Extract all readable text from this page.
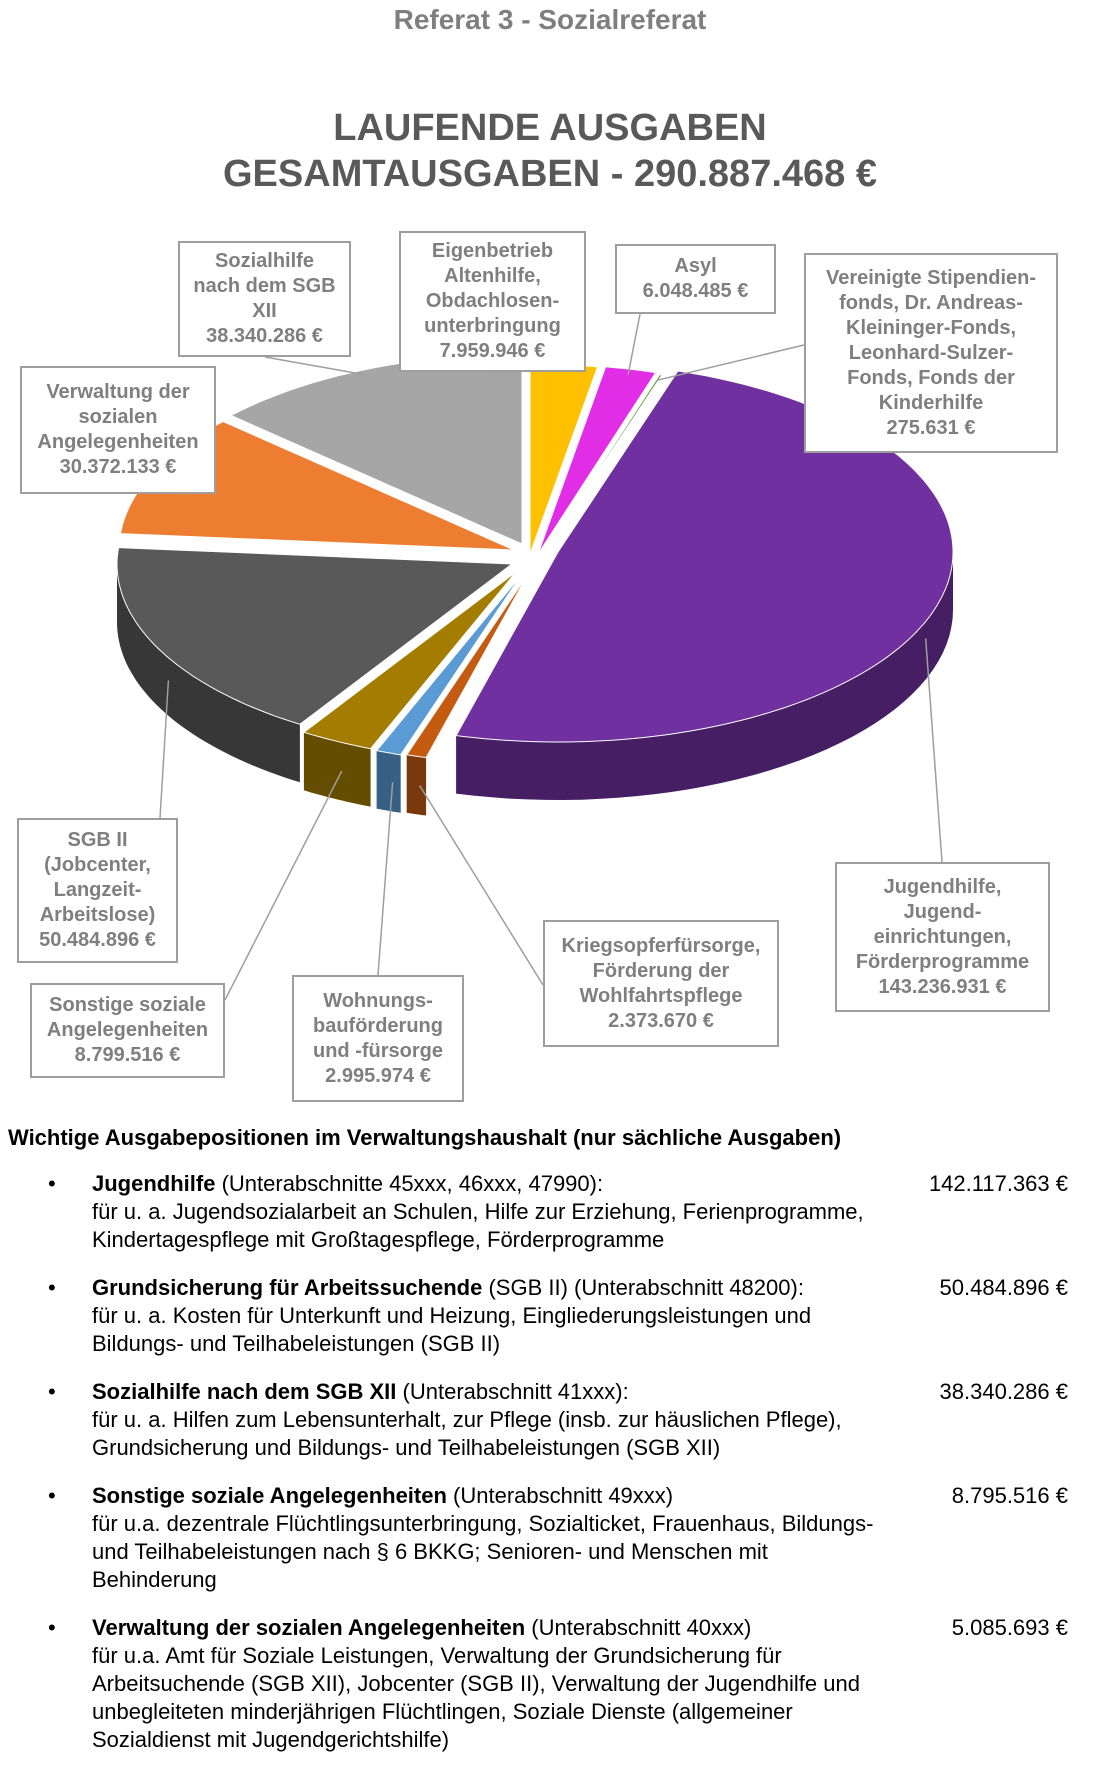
Referat 3 - Sozialreferat
LAUFENDE AUSGABEN
GESAMTAUSGABEN - 290.887.468 €
Eigenbetrieb
Altenhilfe,
Obdachlosen-
unterbringung
7.959.946 €
Asyl
6.048.485 €
Vereinigte Stipendien-
fonds, Dr. Andreas-
Kleininger-Fonds,
Leonhard-Sulzer-
Fonds, Fonds der
Kinderhilfe
275.631 €
Jugendhilfe,
Jugend-
einrichtungen,
Förderprogramme
143.236.931 €
Kriegsopferfürsorge,
Förderung der
Wohlfahrtspflege
2.373.670 €
Wohnungs-
bauförderung
und -fürsorge
2.995.974 €
Sonstige soziale
Angelegenheiten
8.799.516 €
SGB II
(Jobcenter,
Langzeit-
Arbeitslose)
50.484.896 €
Verwaltung der
sozialen
Angelegenheiten
30.372.133 €
Sozialhilfe
nach dem SGB
XII
38.340.286 €
Wichtige Ausgabepositionen im Verwaltungshaushalt (nur sächliche Ausgaben)
• Jugendhilfe (Unterabschnitte 45xxx, 46xxx, 47990):
für u. a. Jugendsozialarbeit an Schulen, Hilfe zur Erziehung, Ferienprogramme, Kindertagespflege mit Großtagespflege, Förderprogramme
142.117.363 €
• Grundsicherung für Arbeitssuchende (SGB II) (Unterabschnitt 48200):
für u. a. Kosten für Unterkunft und Heizung, Eingliederungsleistungen und Bildungs- und Teilhabeleistungen (SGB II)
50.484.896 €
• Sozialhilfe nach dem SGB XII (Unterabschnitt 41xxx):
für u. a. Hilfen zum Lebensunterhalt, zur Pflege (insb. zur häuslichen Pflege), Grundsicherung und Bildungs- und Teilhabeleistungen (SGB XII)
38.340.286 €
• Sonstige soziale Angelegenheiten (Unterabschnitt 49xxx)
für u.a. dezentrale Flüchtlingsunterbringung, Sozialticket, Frauenhaus, Bildungs- und Teilhabeleistungen nach § 6 BKKG; Senioren- und Menschen mit Behinderung
8.795.516 €
• Verwaltung der sozialen Angelegenheiten (Unterabschnitt 40xxx)
für u.a. Amt für Soziale Leistungen, Verwaltung der Grundsicherung für Arbeitsuchende (SGB XII), Jobcenter (SGB II), Verwaltung der Jugendhilfe und unbegleiteten minderjährigen Flüchtlingen, Soziale Dienste (allgemeiner Sozialdienst mit Jugendgerichtshilfe)
5.085.693 €
